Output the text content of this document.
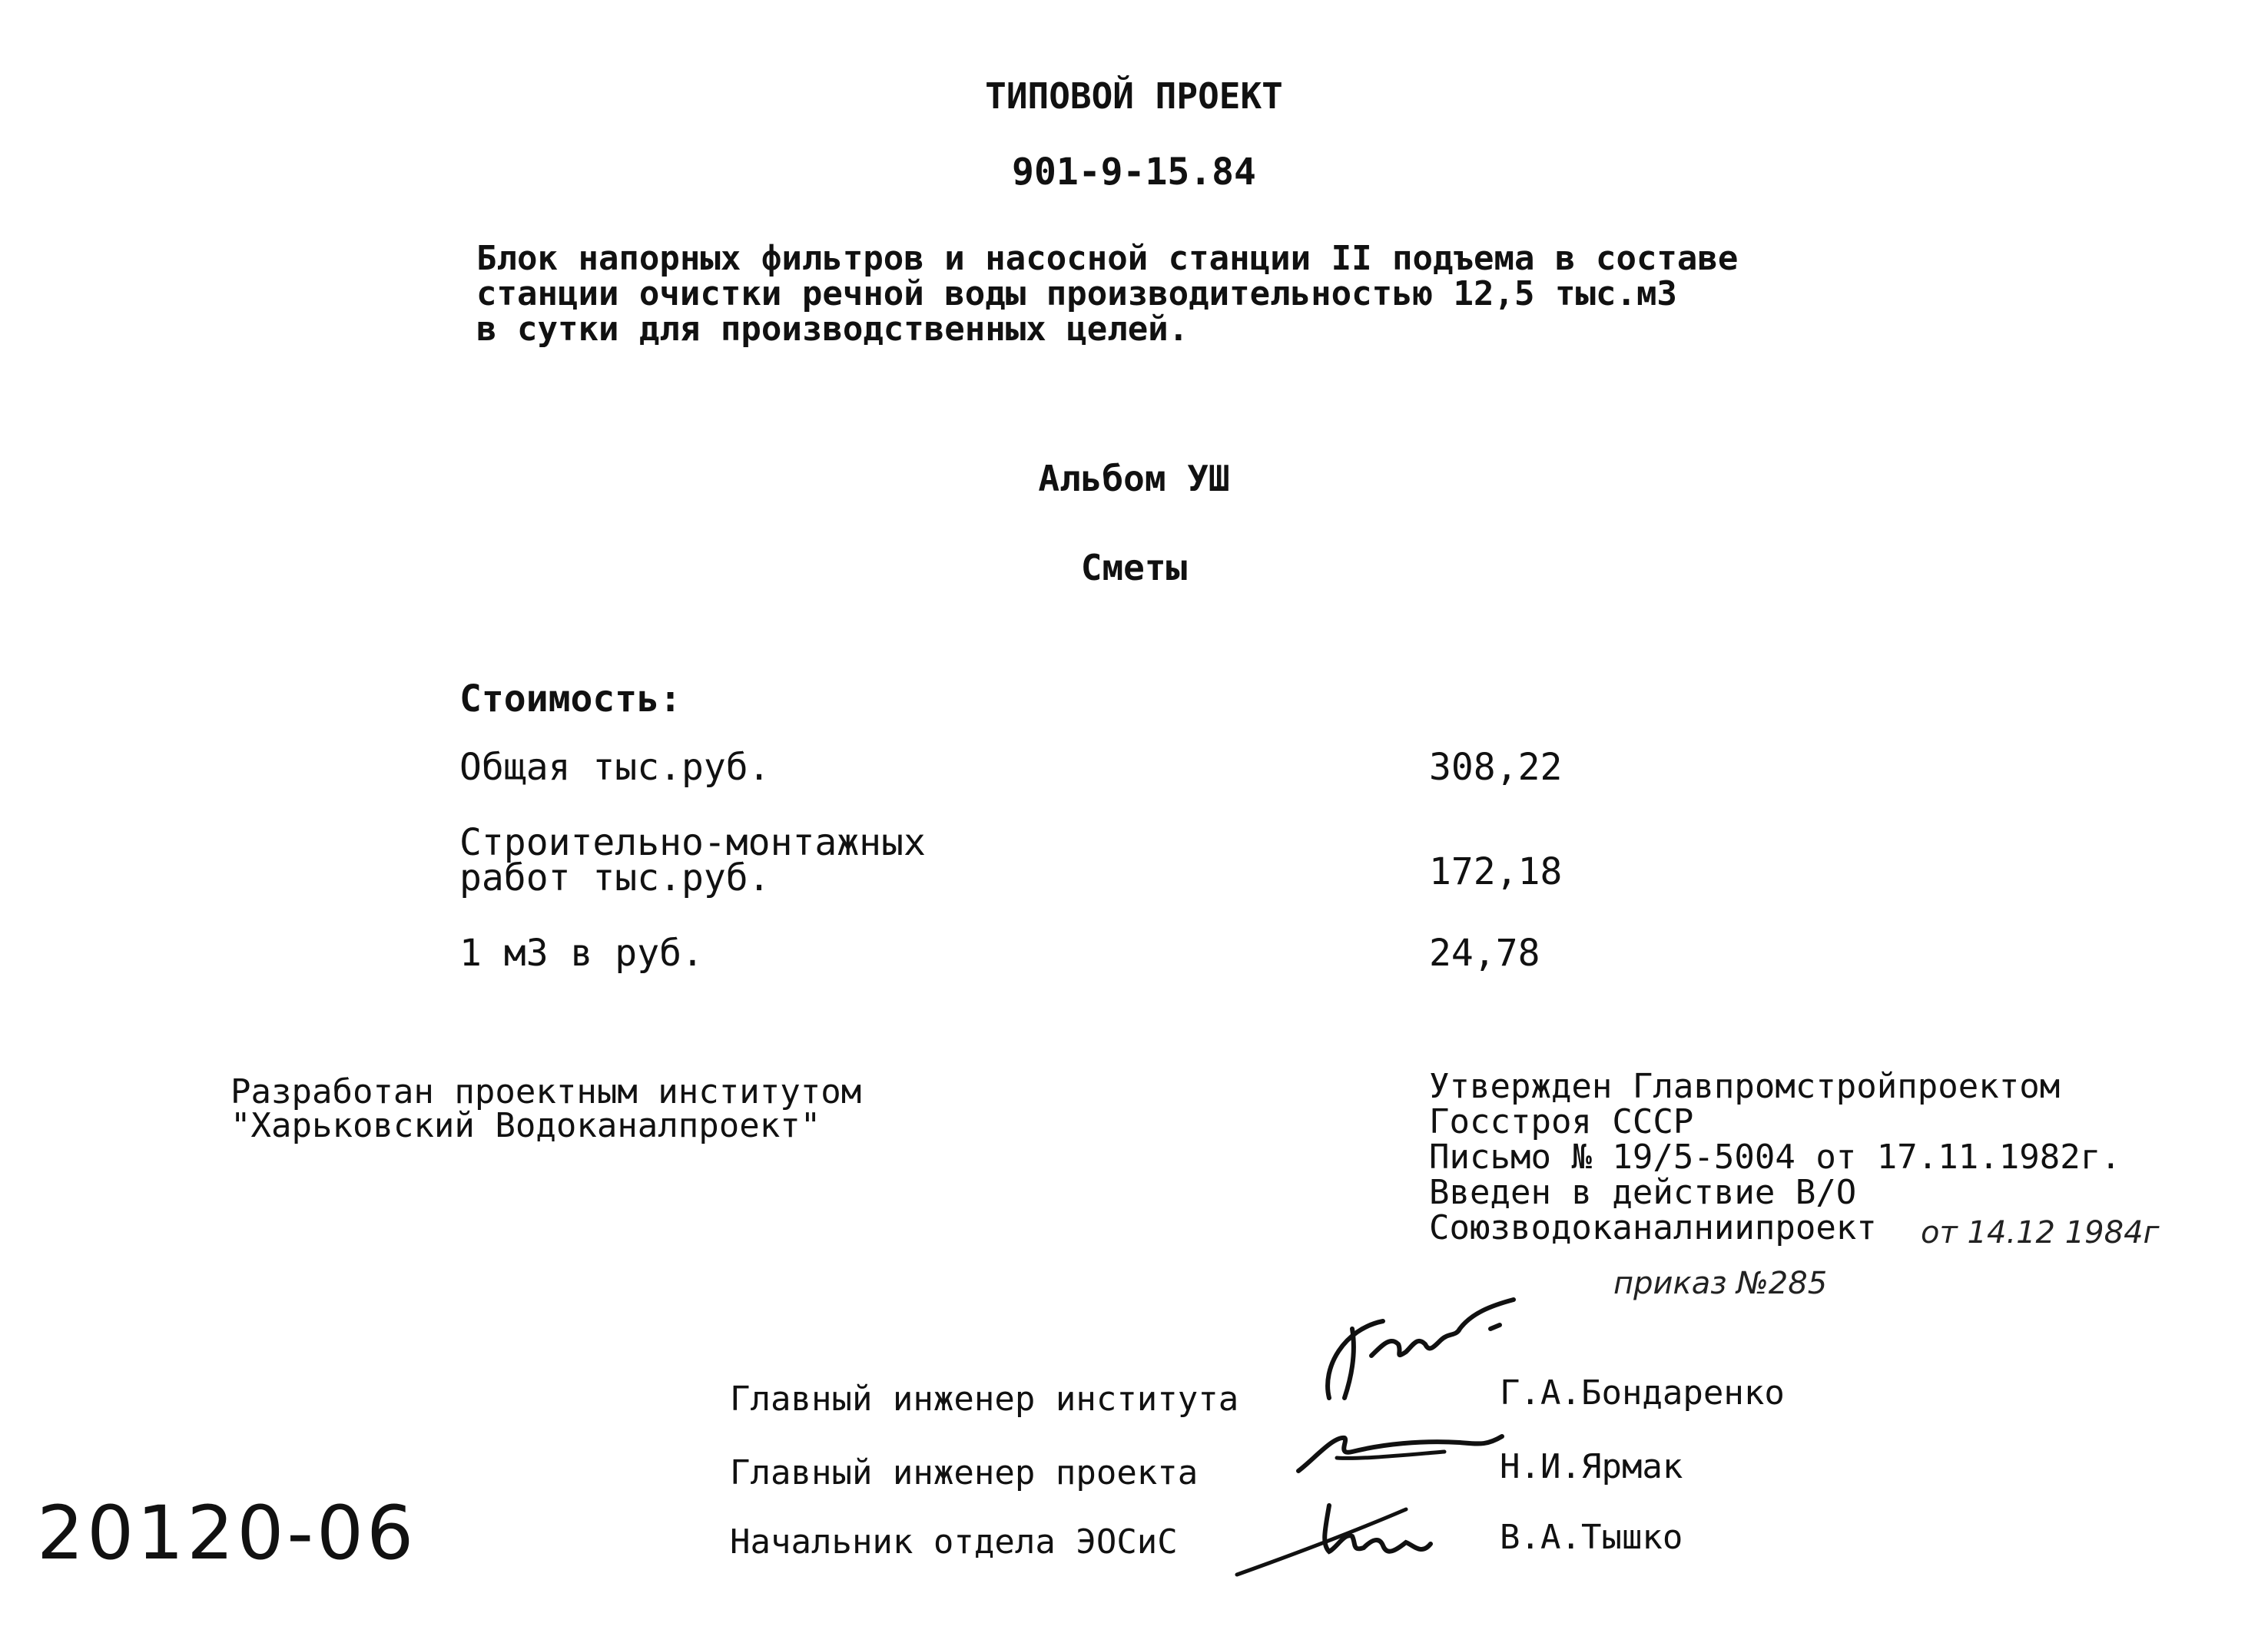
ТИПОВОЙ ПРОЕКТ
901-9-15.84
Блок напорных фильтров и насосной станции II подъема в составе
станции очистки речной воды производительностью 12,5 тыс.м3
в сутки для производственных целей.
Альбом УШ
Сметы
Стоимость:
Общая тыс.руб.	308,22
Строительно-монтажных
работ тыс.руб.	172,18
1 м3 в руб.	24,78
Разработан проектным институтом
"Харьковский Водоканалпроект"
Утвержден Главпромстройпроектом
Госстроя СССР
Письмо № 19/5-5004 от 17.11.1982г.
Введен в действие В/О
Союзводоканалниипроект	от 14.12 1984г
приказ №285
Главный инженер института	Г.А.Бондаренко
Главный инженер проекта	Н.И.Ярмак
Начальник отдела ЭОСиС	В.А.Тышко
20120-06
